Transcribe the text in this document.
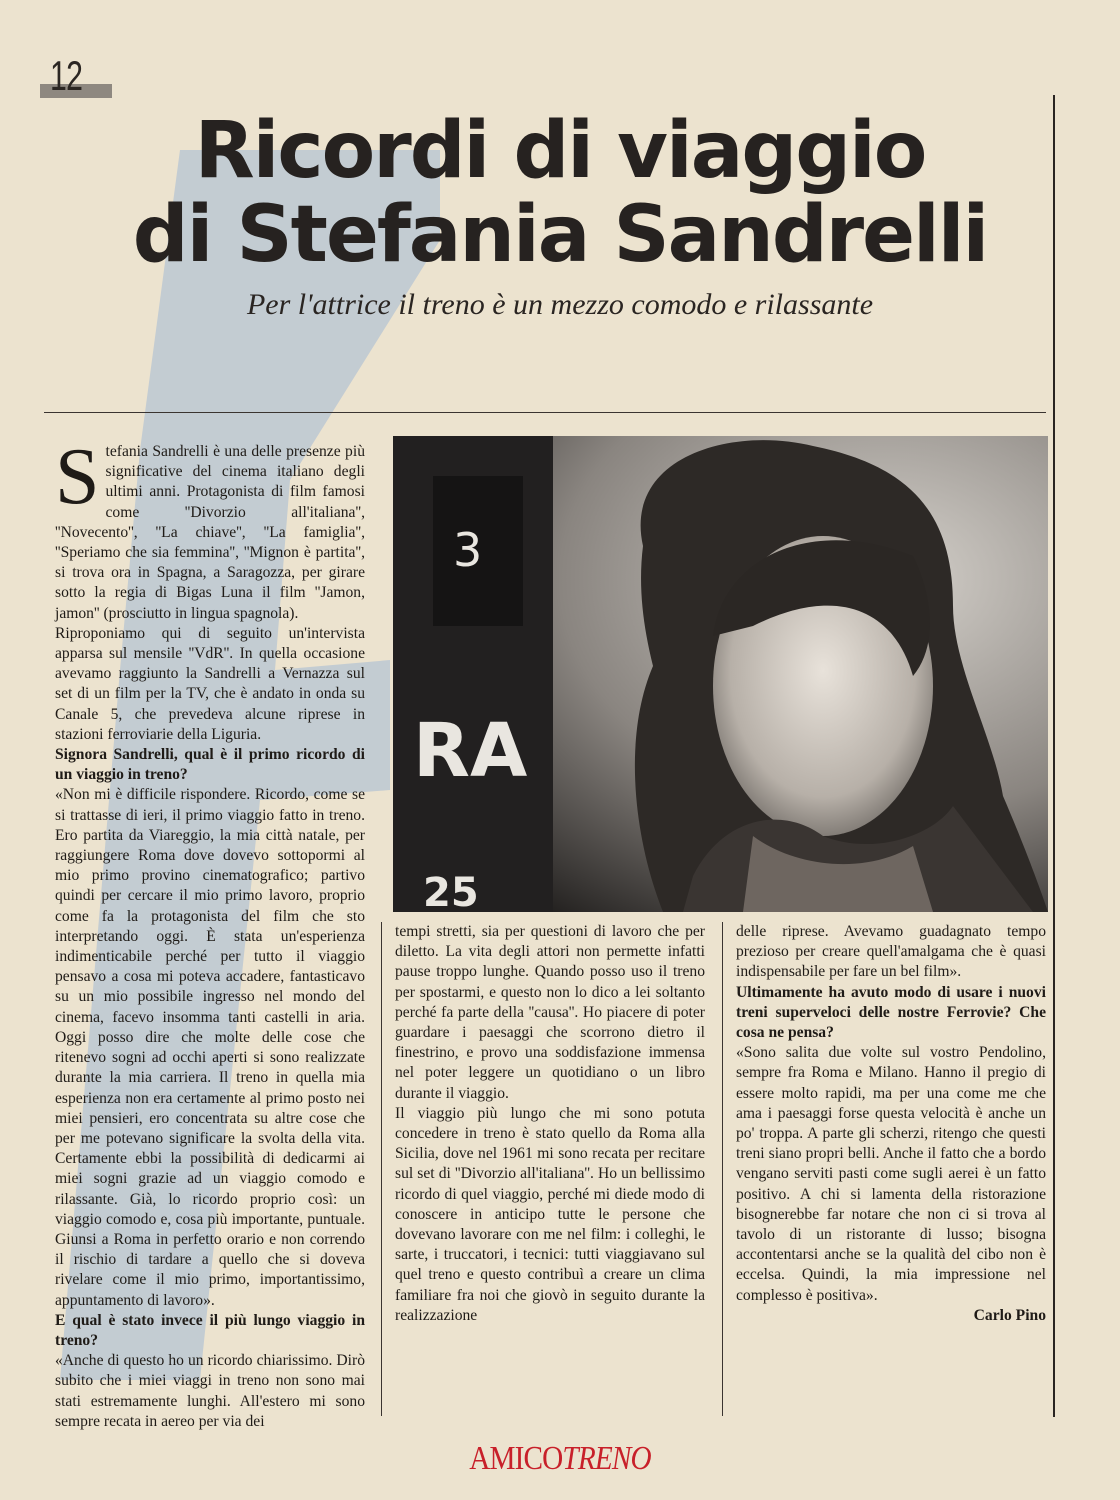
12
Ricordi di viaggio
di Stefania Sandrelli

Per l'attrice il treno è un mezzo comodo e rilassante

3
RA
25

Stefania Sandrelli è una delle presenze più significative del cinema italiano degli ultimi anni. Protagonista di film famosi come ''Divorzio all'italiana'', ''Novecento'', ''La chiave'', ''La famiglia'', ''Speriamo che sia femmina'', ''Mignon è partita'', si trova ora in Spagna, a Saragozza, per girare sotto la regia di Bigas Luna il film ''Jamon, jamon'' (prosciutto in lingua spagnola).

Riproponiamo qui di seguito un'intervista apparsa sul mensile ''VdR''. In quella occasione avevamo raggiunto la Sandrelli a Vernazza sul set di un film per la TV, che è andato in onda su Canale 5, che prevedeva alcune riprese in stazioni ferroviarie della Liguria.

Signora Sandrelli, qual è il primo ricordo di un viaggio in treno?

«Non mi è difficile rispondere. Ricordo, come se si trattasse di ieri, il primo viaggio fatto in treno. Ero partita da Viareggio, la mia città natale, per raggiungere Roma dove dovevo sottopormi al mio primo provino cinematografico; partivo quindi per cercare il mio primo lavoro, proprio come fa la protagonista del film che sto interpretando oggi. È stata un'esperienza indimenticabile perché per tutto il viaggio pensavo a cosa mi poteva accadere, fantasticavo su un mio possibile ingresso nel mondo del cinema, facevo insomma tanti castelli in aria. Oggi posso dire che molte delle cose che ritenevo sogni ad occhi aperti si sono realizzate durante la mia carriera. Il treno in quella mia esperienza non era certamente al primo posto nei miei pensieri, ero concentrata su altre cose che per me potevano significare la svolta della vita. Certamente ebbi la possibilità di dedicarmi ai miei sogni grazie ad un viaggio comodo e rilassante. Già, lo ricordo proprio così: un viaggio comodo e, cosa più importante, puntuale. Giunsi a Roma in perfetto orario e non correndo il rischio di tardare a quello che si doveva rivelare come il mio primo, importantissimo, appuntamento di lavoro».

E qual è stato invece il più lungo viaggio in treno?

«Anche di questo ho un ricordo chiarissimo. Dirò subito che i miei viaggi in treno non sono mai stati estremamente lunghi. All'estero mi sono sempre recata in aereo per via dei

tempi stretti, sia per questioni di lavoro che per diletto. La vita degli attori non permette infatti pause troppo lunghe. Quando posso uso il treno per spostarmi, e questo non lo dico a lei soltanto perché fa parte della ''causa''. Ho piacere di poter guardare i paesaggi che scorrono dietro il finestrino, e provo una soddisfazione immensa nel poter leggere un quotidiano o un libro durante il viaggio.

Il viaggio più lungo che mi sono potuta concedere in treno è stato quello da Roma alla Sicilia, dove nel 1961 mi sono recata per recitare sul set di ''Divorzio all'italiana''. Ho un bellissimo ricordo di quel viaggio, perché mi diede modo di conoscere in anticipo tutte le persone che dovevano lavorare con me nel film: i colleghi, le sarte, i truccatori, i tecnici: tutti viaggiavano sul quel treno e questo contribuì a creare un clima familiare fra noi che giovò in seguito durante la realizzazione

delle riprese. Avevamo guadagnato tempo prezioso per creare quell'amalgama che è quasi indispensabile per fare un bel film».

Ultimamente ha avuto modo di usare i nuovi treni superveloci delle nostre Ferrovie? Che cosa ne pensa?

«Sono salita due volte sul vostro Pendolino, sempre fra Roma e Milano. Hanno il pregio di essere molto rapidi, ma per una come me che ama i paesaggi forse questa velocità è anche un po' troppa. A parte gli scherzi, ritengo che questi treni siano propri belli. Anche il fatto che a bordo vengano serviti pasti come sugli aerei è un fatto positivo. A chi si lamenta della ristorazione bisognerebbe far notare che non ci si trova al tavolo di un ristorante di lusso; bisogna accontentarsi anche se la qualità del cibo non è eccelsa. Quindi, la mia impressione nel complesso è positiva».

Carlo Pino

AMICOTRENO
